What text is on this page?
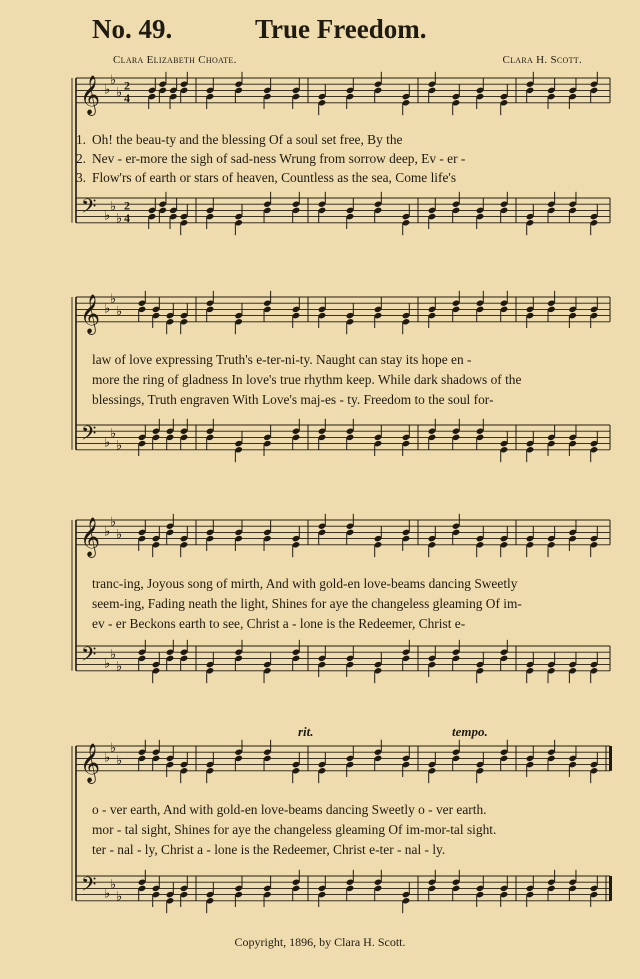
No. 49.	True Freedom.
Clara Elizabeth Choate.	Clara H. Scott.
𝄞
𝄢
♭
♭
♭
♭
♭
♭
2
4
2
4
1. Oh! the beau-ty and the blessing Of a soul set free, By the
2. Nev - er-more the sigh of sad-ness Wrung from sorrow deep, Ev - er -
3. Flow'rs of earth or stars of heaven, Countless as the sea, Come life's
𝄞
𝄢
♭
♭
♭
♭
♭
♭
law of love expressing Truth's e-ter-ni-ty. Naught can stay its hope en -
more the ring of gladness In love's true rhythm keep. While dark shadows of the
blessings, Truth engraven With Love's maj-es - ty. Freedom to the soul for-
𝄞
𝄢
♭
♭
♭
♭
♭
♭
tranc-ing, Joyous song of mirth, And with gold-en love-beams dancing Sweetly
seem-ing, Fading neath the light, Shines for aye the changeless gleaming Of im-
ev - er Beckons earth to see, Christ a - lone is the Redeemer, Christ e-
𝄞
𝄢
♭
♭
♭
♭
♭
♭
rit.	tempo.
o - ver earth, And with gold-en love-beams dancing Sweetly o - ver earth.
mor - tal sight, Shines for aye the changeless gleaming Of im-mor-tal sight.
ter - nal - ly, Christ a - lone is the Redeemer, Christ e-ter - nal - ly.
Copyright, 1896, by Clara H. Scott.
